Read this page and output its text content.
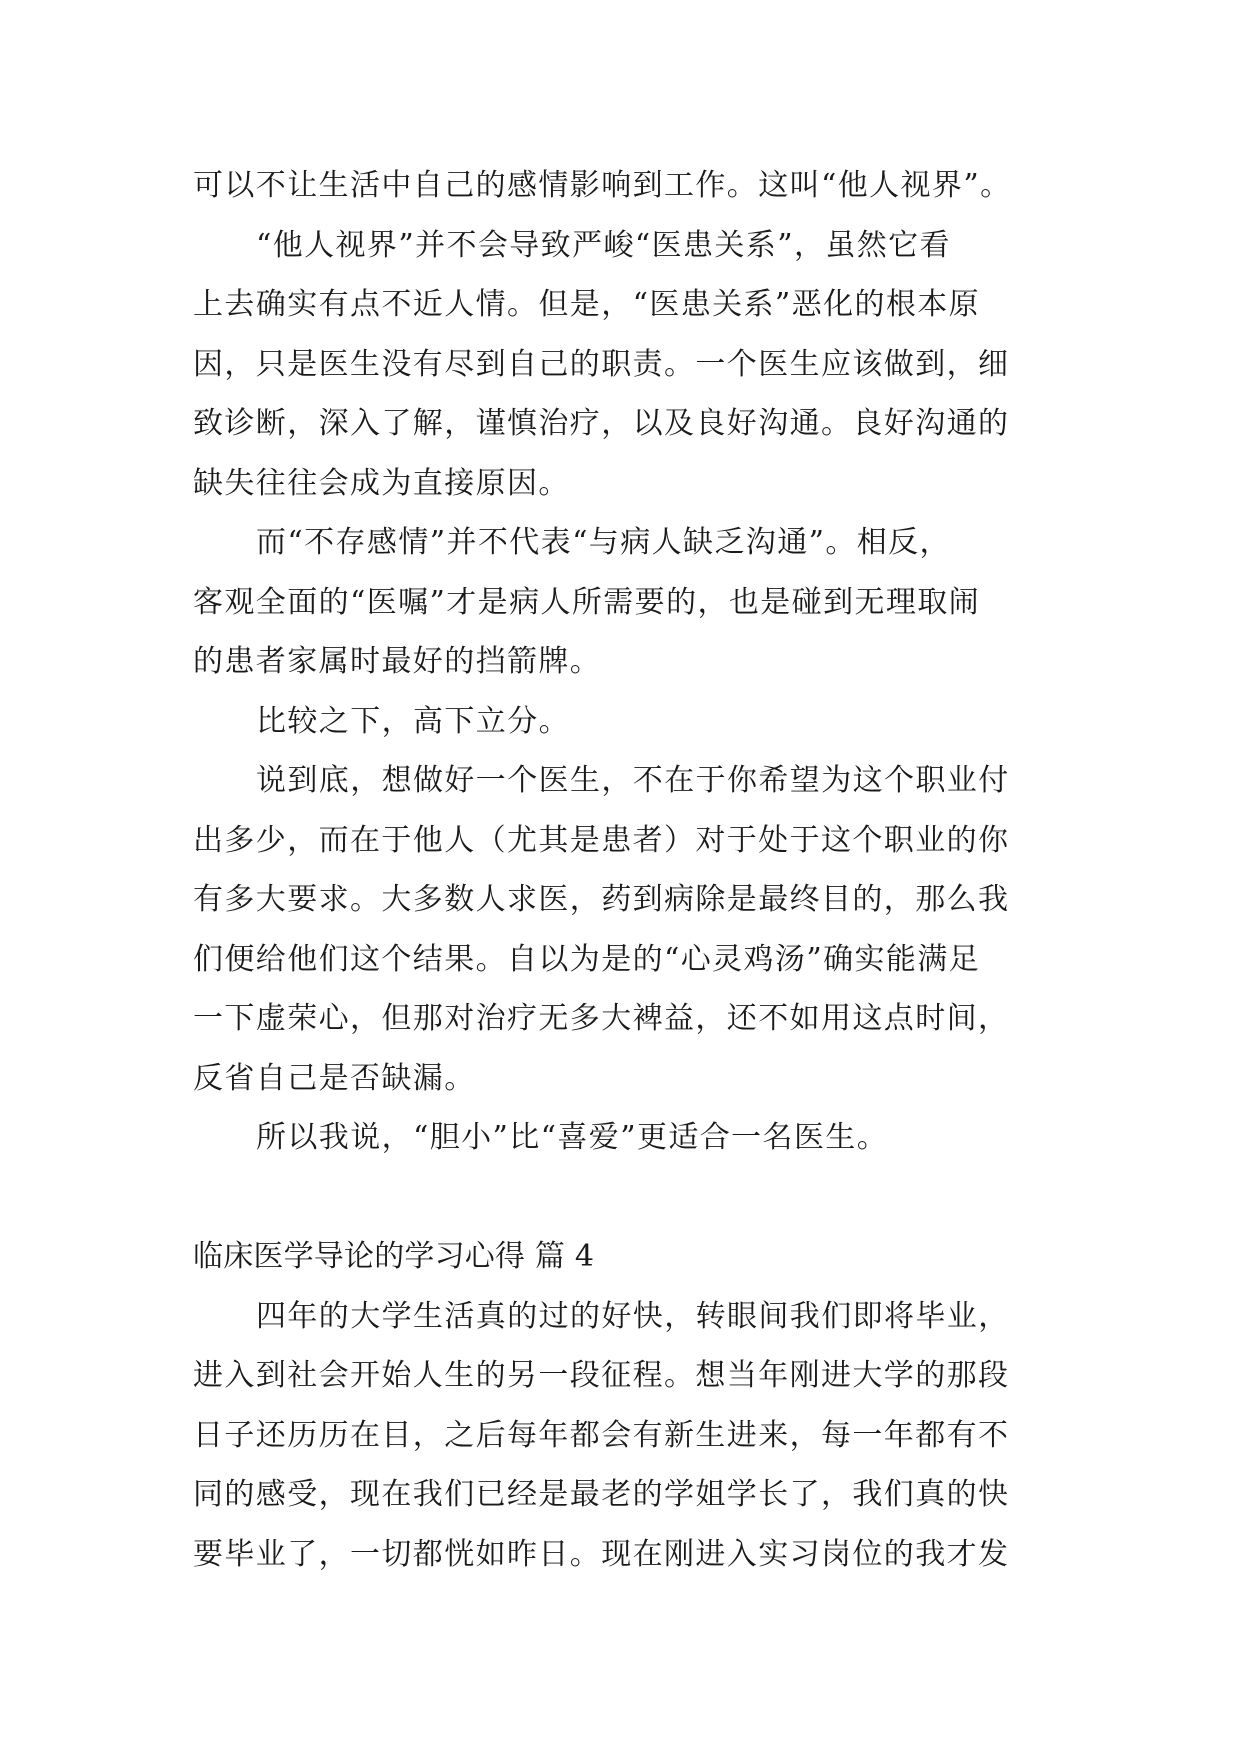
可以不让生活中自己的感情影响到工作。这叫“他人视界”。
“他人视界”并不会导致严峻“医患关系”，虽然它看
上去确实有点不近人情。但是，“医患关系”恶化的根本原
因，只是医生没有尽到自己的职责。一个医生应该做到，细
致诊断，深入了解，谨慎治疗，以及良好沟通。良好沟通的
缺失往往会成为直接原因。
而“不存感情”并不代表“与病人缺乏沟通”。相反，
客观全面的“医嘱”才是病人所需要的，也是碰到无理取闹
的患者家属时最好的挡箭牌。
比较之下，高下立分。
说到底，想做好一个医生，不在于你希望为这个职业付
出多少，而在于他人（尤其是患者）对于处于这个职业的你
有多大要求。大多数人求医，药到病除是最终目的，那么我
们便给他们这个结果。自以为是的“心灵鸡汤”确实能满足
一下虚荣心，但那对治疗无多大裨益，还不如用这点时间，
反省自己是否缺漏。
所以我说，“胆小”比“喜爱”更适合一名医生。
临床医学导论的学习心得 篇 4
四年的大学生活真的过的好快，转眼间我们即将毕业，
进入到社会开始人生的另一段征程。想当年刚进大学的那段
日子还历历在目，之后每年都会有新生进来，每一年都有不
同的感受，现在我们已经是最老的学姐学长了，我们真的快
要毕业了，一切都恍如昨日。现在刚进入实习岗位的我才发
